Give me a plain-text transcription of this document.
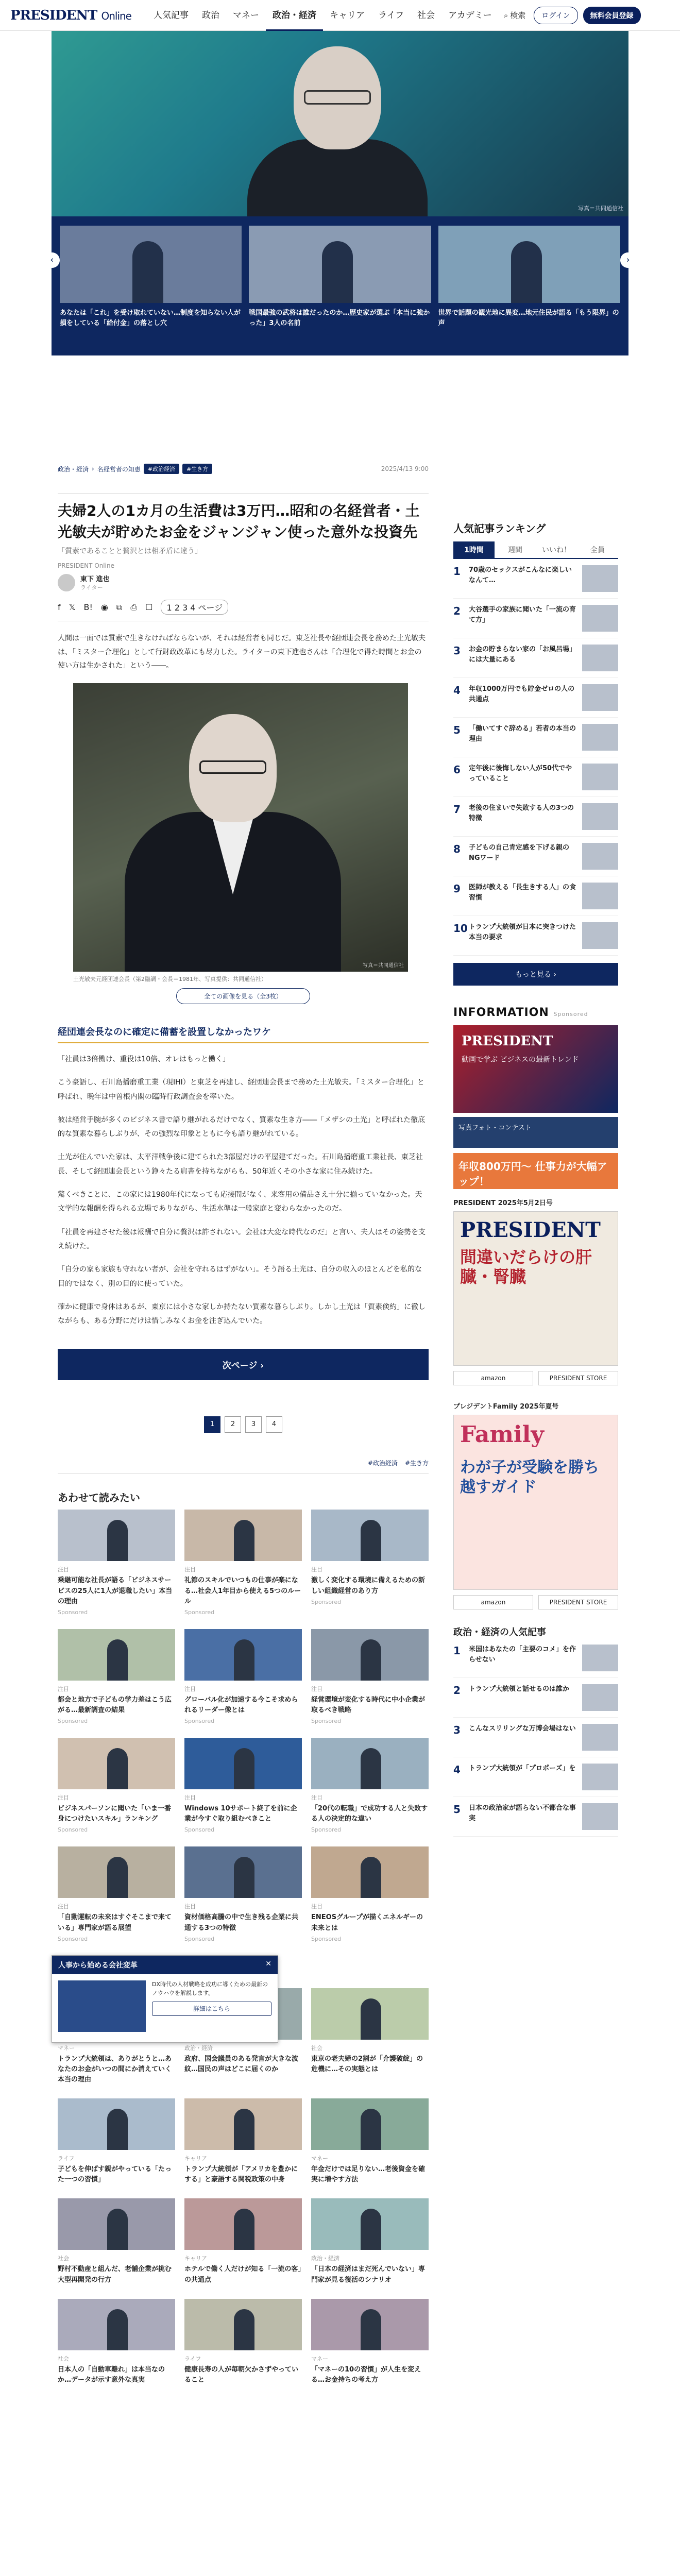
PRESIDENT Online	人気記事	政治	マネー	政治・経済	キャリア	ライフ	社会	アカデミー	⌕ 検索	ログイン	無料会員登録
写真＝共同通信社

あなたは「これ」を受け取れていない…制度を知らない人が損をしている「給付金」の落とし穴

戦国最強の武将は誰だったのか…歴史家が選ぶ「本当に強かった」3人の名前

世界で話題の観光地に異変…地元住民が語る「もう限界」の声

‹	›
政治・経済 › 名経営者の知恵	#政治経済	#生き方	2025/4/13 9:00
夫婦2人の1カ月の生活費は3万円…昭和の名経営者・土光敏夫が貯めたお金をジャンジャン使った意外な投資先

「質素であることと贅沢とは相矛盾に違う」

PRESIDENT Online

東下 進也
ライター
f 𝕏 B! ◉ ⧉ ⎙ ☐	1 2 3 4 ページ

人間は一面では質素で生きなければならないが、それは経営者も同じだ。東芝社長や経団連会長を務めた土光敏夫は、「ミスター合理化」として行財政改革にも尽力した。ライターの東下進也さんは「合理化で得た時間とお金の使い方は生かされた」という――。

写真＝共同通信社

土光敏夫元経団連会長（第2臨調・会長＝1981年、写真提供：共同通信社）

全ての画像を見る（全3枚）
経団連会長なのに確定に備蓄を設置しなかったワケ

「社員は3倍働け、重役は10倍、オレはもっと働く」

こう豪語し、石川島播磨重工業（現IHI）と東芝を再建し、経団連会長まで務めた土光敏夫。「ミスター合理化」と呼ばれ、晩年は中曽根内閣の臨時行政調査会を率いた。

彼は経営手腕が多くのビジネス書で語り継がれるだけでなく、質素な生き方――「メザシの土光」と呼ばれた徹底的な質素な暮らしぶりが、その強烈な印象とともに今も語り継がれている。

土光が住んでいた家は、太平洋戦争後に建てられた3部屋だけの平屋建てだった。石川島播磨重工業社長、東芝社長、そして経団連会長という錚々たる肩書を持ちながらも、50年近くその小さな家に住み続けた。

驚くべきことに、この家には1980年代になっても応接間がなく、来客用の備品さえ十分に揃っていなかった。天文学的な報酬を得られる立場でありながら、生活水準は一般家庭と変わらなかったのだ。

「社員を再建させた後は報酬で自分に贅沢は許されない。会社は大変な時代なのだ」と言い、夫人はその姿勢を支え続けた。

「自分の家も家族も守れない者が、会社を守れるはずがない」。そう語る土光は、自分の収入のほとんどを私的な目的ではなく、別の目的に使っていた。

確かに健康で身体はあるが、東京には小さな家しか持たない質素な暮らしぶり。しかし土光は「質素倹約」に徹しながらも、ある分野にだけは惜しみなくお金を注ぎ込んでいた。

次ページ ›
1	2	3	4
#政治経済 #生き方
あわせて読みたい

注目

乗継可能な社長が語る「ビジネスサービスの25人に1人が退職したい」本当の理由

Sponsored

注目

礼節のスキルでいつもの仕事が楽になる…社会人1年目から使える5つのルール

Sponsored

注目

激しく変化する環境に備えるための新しい組織経営のあり方

Sponsored

注目

都会と地方で子どもの学力差はこう広がる…最新調査の結果

Sponsored

注目

グローバル化が加速する今こそ求められるリーダー像とは

Sponsored

注目

経営環境が変化する時代に中小企業が取るべき戦略

Sponsored

注目

ビジネスパーソンに聞いた「いま一番身につけたいスキル」ランキング

Sponsored

注目

Windows 10サポート終了を前に企業が今すぐ取り組むべきこと

Sponsored

注目

「20代の転職」で成功する人と失敗する人の決定的な違い

Sponsored

注目

「自動運転の未来はすぐそこまで来ている」専門家が語る展望

Sponsored

注目

資材価格高騰の中で生き残る企業に共通する3つの特徴

Sponsored

注目

ENEOSグループが描くエネルギーの未来とは

Sponsored

マネー

トランプ大統領は、ありがとうと…あなたのお金がいつの間にか消えていく本当の理由

政治・経済

政府、国会議員のある発言が大きな波紋…国民の声はどこに届くのか

社会

東京の老夫婦の2割が「介護破綻」の危機に…その実態とは

ライフ

子どもを伸ばす親がやっている「たった一つの習慣」

キャリア

トランプ大統領が「アメリカを豊かにする」と豪語する関税政策の中身

マネー

年金だけでは足りない…老後資金を確実に増やす方法

社会

野村不動産と組んだ、老舗企業が挑む大型再開発の行方

キャリア

ホテルで働く人だけが知る「一流の客」の共通点

政治・経済

「日本の経済はまだ死んでいない」専門家が見る復活のシナリオ

社会

日本人の「自動車離れ」は本当なのか…データが示す意外な真実

ライフ

健康長寿の人が毎朝欠かさずやっていること

マネー

「マネーの10の習慣」が人生を変える…お金持ちの考え方

人気記事ランキング
1時間	週間	いいね！	全員
1	70歳のセックスがこんなに楽しいなんて…
2	大谷選手の家族に聞いた「一流の育て方」
3	お金の貯まらない家の「お風呂場」には大量にある
4	年収1000万円でも貯金ゼロの人の共通点
5	「働いてすぐ辞める」若者の本当の理由
6	定年後に後悔しない人が50代でやっていること
7	老後の住まいで失敗する人の3つの特徴
8	子どもの自己肯定感を下げる親のNGワード
9	医師が教える「長生きする人」の食習慣
10 トランプ大統領が日本に突きつけた本当の要求
もっと見る ›
INFORMATION Sponsored
PRESIDENT
動画で学ぶ ビジネスの最新トレンド
写真フォト・コンテスト
年収800万円～ 仕事力が大幅アップ！

PRESIDENT 2025年5月2日号

PRESIDENT
間違いだらけの肝臓・腎臓
amazon	PRESIDENT STORE

プレジデントFamily 2025年夏号

Family
わが子が受験を勝ち越すガイド
amazon	PRESIDENT STORE
政治・経済の人気記事
1	米国はあなたの「主要のコメ」を作らせない
2	トランプ大統領と話せるのは誰か
3	こんなスリリングな万博会場はない
4	トランプ大統領が「プロポーズ」を
5	日本の政治家が語らない不都合な事実
人事から始める会社変革	✕

DX時代の人材戦略を成功に導くための最新のノウハウを解説します。

詳細はこちら
